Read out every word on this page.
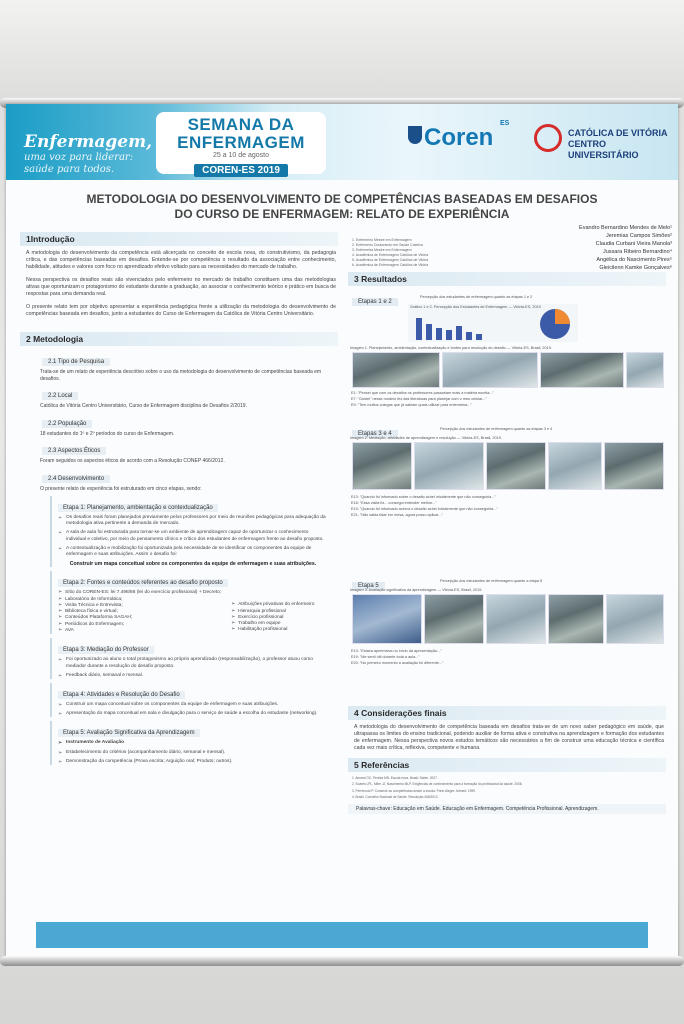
Enfermagem,
uma voz para liderar:
saúde para todos.
SEMANA DA
ENFERMAGEM
25 a 10 de agosto
COREN-ES 2019
Coren
ES
CATÓLICA DE VITÓRIA
CENTRO UNIVERSITÁRIO
METODOLOGIA DO DESENVOLVIMENTO DE COMPETÊNCIAS BASEADAS EM DESAFIOS
DO CURSO DE ENFERMAGEM: RELATO DE EXPERIÊNCIA
Evandro Bernardino Mendes de Melo¹
Jeremias Campos Simões²
Claudia Curbani Vieira Manola³
Jussara Ribeiro Bernardino⁴
Angélica do Nascimento Pires⁵
Gleicilenn Kamke Gonçalves⁶
1. Enfermeiro Mestre em Enfermagem
2. Enfermeiro Doutorando em Saúde Coletiva
3. Enfermeira Mestre em Enfermagem
4. Acadêmica de Enfermagem Católica de Vitória
5. Acadêmica de Enfermagem Católica de Vitória
6. Acadêmica de Enfermagem Católica de Vitória
1Introdução
A metodologia do desenvolvimento da competência está alicerçada no conceito de escola nova, do construtivismo, da pedagogia crítica, e das competências baseadas em desafios. Entende-se por competência o resultado da associação entre conhecimento, habilidade, atitudes e valores com foco no aprendizado efetivo voltado para as necessidades do mercado de trabalho.
Nessa perspectiva os desafios reais são vivenciados pelo enfermeiro no mercado de trabalho constituem uma das metodologias ativas que oportunizam o protagonismo do estudante durante a graduação, ao associar o conhecimento teórico e prático em busca de respostas para uma demanda real.
O presente relato tem por objetivo apresentar a experiência pedagógica frente a utilização da metodologia do desenvolvimento de competências baseada em desafios, junto a estudantes do Curso de Enfermagem da Católica de Vitória Centro Universitário.
2 Metodologia
2.1 Tipo de Pesquisa
Trata-se de um relato de experiência descritivo sobre o uso da metodologia do desenvolvimento de competências baseada em desafios.
2.2 Local
Católica de Vitória Centro Universitário, Curso de Enfermagem disciplina de Desafios 2/2019.
2.2 População
18 estudantes do 1º e 2º períodos do curso de Enfermagem.
2.3 Aspectos Éticos
Foram seguidos os aspectos éticos de acordo com a Resolução CONEP 466/2012.
2.4 Desenvolvimento
O presente relato de experiência foi estruturado em cinco etapas, sendo:
Etapa 1: Planejamento, ambientação e contextualização
➢ Os desafios reais foram planejados previamente pelos professores por meio de reuniões pedagógicas para adequação da metodologia ativa pertinente a demanda de mercado.
➢ A sala de aula foi estruturada para tornar-se um ambiente de aprendizagem capaz de oportunizar o conhecimento individual e coletivo, por meio do pensamento clínico e crítico dos estudantes de enfermagem frente ao desafio proposto.
➢ A contextualização e mobilização foi oportunizada pela necessidade de se identificar os componentes da equipe de enfermagem e suas atribuições. Assim o desafio foi:
Construir um mapa conceitual sobre os componentes da equipe de enfermagem e suas atribuições.
Etapa 2: Fontes e conteúdos referentes ao desafio proposto
➢ Sítio do COREN-ES: lei 7.498/86 (lei do exercício profissional) + Decreto;
➢ Laboratório de Informática;
➢ Visita Técnica e Entrevista;
➢ Biblioteca física e virtual;
➢ Conteúdos Plataforma SAGAH;
➢ Periódicos do Enfermagem;
➢ AVA
➢ Atribuições privativas do enfermeiro
➢ Hierarquia profissional
➢ Exercício profissional
➢ Trabalho em equipe
➢ Habilitação profissional
Etapa 3: Mediação do Professor
➢ Foi oportunizado ao aluno o total protagonismo ao próprio aprendizado (responsabilização), o professor atuou como mediador durante a resolução do desafio proposto.
➢ Feedback diário, semanal e mensal.
Etapa 4: Atividades e Resolução do Desafio
➢ Construir um mapa conceitual sobre os componentes da equipe de enfermagem e suas atribuições.
➢ Apresentação do mapa conceitual em sala e divulgação para o serviço de saúde a escolha do estudante (networking).
Etapa 5: Avaliação Significativa da Aprendizagem
➢ Instrumento de Avaliação
➢ Estabelecimento do critérios (acompanhamento diário, semanal e mensal).
➢ Demonstração da competência (Prova escrita; Arguição oral; Produto; outros).
3 Resultados
Etapas 1 e 2
Percepção dos estudantes de enfermagem quanto as etapas 1 e 2
Gráfico 1 e 2. Percepção dos Estudantes de Enfermagem — Vitória-ES, 2019
Imagem 1. Planejamento, ambientação, contextualização e fontes para resolução do desafio — Vitória-ES, Brasil, 2019.
E1: "Pensei que com os desafios os professores passariam mais a matéria escrita..."
E7: "Gostei" nesse modelo fez das literaturas para planejar com o meu celular..."
E9: "Tem muitos colegas que já sabiam quais utilizar para enfermeira..."
Etapas 3 e 4
Percepção dos estudantes de enfermagem quanto as etapas 3 e 4
Imagem 2. Mediação, atividades de aprendizagem e resolução — Vitória-ES, Brasil, 2019.
E13: "Quando foi informado sobre o desafio achei inicialmente que não conseguiria..."
E18: "Essa visita fiz... consegui entender melhor..."
E19: "Quando foi informado acerca o desafio achei inicialmente que não conseguiria..."
E21: "Não sabia falar em mesa, agora posso aplicar..."
Etapa 5
Percepção dos estudantes de enfermagem quanto a etapa 5
Imagem 3. Avaliação significativa da aprendizagem — Vitória-ES, Brasil, 2019.
E13: "Estava apreensiva no início da apresentação..."
E19: "Me senti útil durante toda a aula..."
E20: "No primeiro momento a avaliação foi diferente..."
4 Considerações finais
A metodologia do desenvolvimento de competência baseada em desafios trata-se de um novo saber pedagógico em saúde, que ultrapassa os limites do ensino tradicional, podendo auxiliar de forma ativa e construtiva na aprendizagem e formação dos estudantes de enfermagem. Nessa perspectiva novos estudos temáticos são necessários a fim de construir uma educação técnica e científica cada vez mais crítica, reflexiva, competente e humana.
5 Referências
1. Amaral OC, Pereira MN. Escola nova. Brasil: Saber. 2007.
2. Soares LPL, Mitre JJ, Nascimento MLP. Exigências de conhecimento para a formação do profissional da saúde. 2008.
3. Perrenoud P. Construir as competências desde a escola. Porto Alegre: Artmed; 1999.
4. Brasil. Conselho Nacional de Saúde. Resolução 466/2012.
Palavras-chave: Educação em Saúde. Educação em Enfermagem. Competência Profissional. Aprendizagem.
